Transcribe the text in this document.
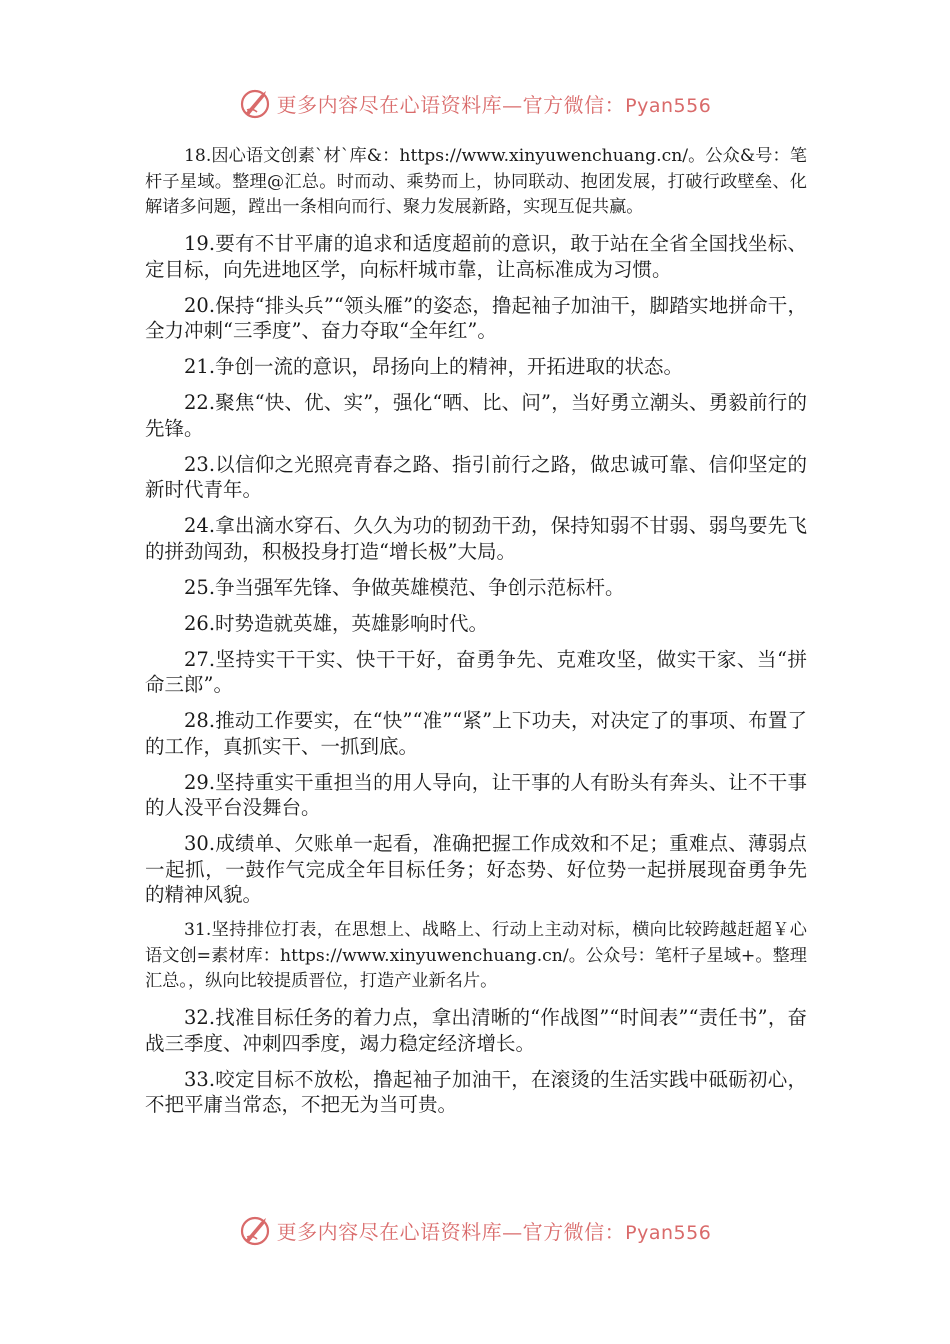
更多内容尽在心语资料库—官方微信：Pyan556

18.因心语文创素`材`库&：https://www.xinyuwenchuang.cn/。公众&号：笔杆子星域。整理@汇总。时而动、乘势而上，协同联动、抱团发展，打破行政壁垒、化解诸多问题，蹚出一条相向而行、聚力发展新路，实现互促共赢。

19.要有不甘平庸的追求和适度超前的意识，敢于站在全省全国找坐标、定目标，向先进地区学，向标杆城市靠，让高标准成为习惯。

20.保持“排头兵”“领头雁”的姿态，撸起袖子加油干，脚踏实地拼命干，全力冲刺“三季度”、奋力夺取“全年红”。

21.争创一流的意识，昂扬向上的精神，开拓进取的状态。

22.聚焦“快、优、实”，强化“晒、比、问”，当好勇立潮头、勇毅前行的先锋。

23.以信仰之光照亮青春之路、指引前行之路，做忠诚可靠、信仰坚定的新时代青年。

24.拿出滴水穿石、久久为功的韧劲干劲，保持知弱不甘弱、弱鸟要先飞的拼劲闯劲，积极投身打造“增长极”大局。

25.争当强军先锋、争做英雄模范、争创示范标杆。

26.时势造就英雄，英雄影响时代。

27.坚持实干干实、快干干好，奋勇争先、克难攻坚，做实干家、当“拼命三郎”。

28.推动工作要实，在“快”“准”“紧”上下功夫，对决定了的事项、布置了的工作，真抓实干、一抓到底。

29.坚持重实干重担当的用人导向，让干事的人有盼头有奔头、让不干事的人没平台没舞台。

30.成绩单、欠账单一起看，准确把握工作成效和不足；重难点、薄弱点一起抓，一鼓作气完成全年目标任务；好态势、好位势一起拼展现奋勇争先的精神风貌。

31.坚持排位打表，在思想上、战略上、行动上主动对标，横向比较跨越赶超￥心语文创=素材库：https://www.xinyuwenchuang.cn/。公众号：笔杆子星域+。整理汇总。，纵向比较提质晋位，打造产业新名片。

32.找准目标任务的着力点，拿出清晰的“作战图”“时间表”“责任书”，奋战三季度、冲刺四季度，竭力稳定经济增长。

33.咬定目标不放松，撸起袖子加油干，在滚烫的生活实践中砥砺初心，不把平庸当常态，不把无为当可贵。

更多内容尽在心语资料库—官方微信：Pyan556
